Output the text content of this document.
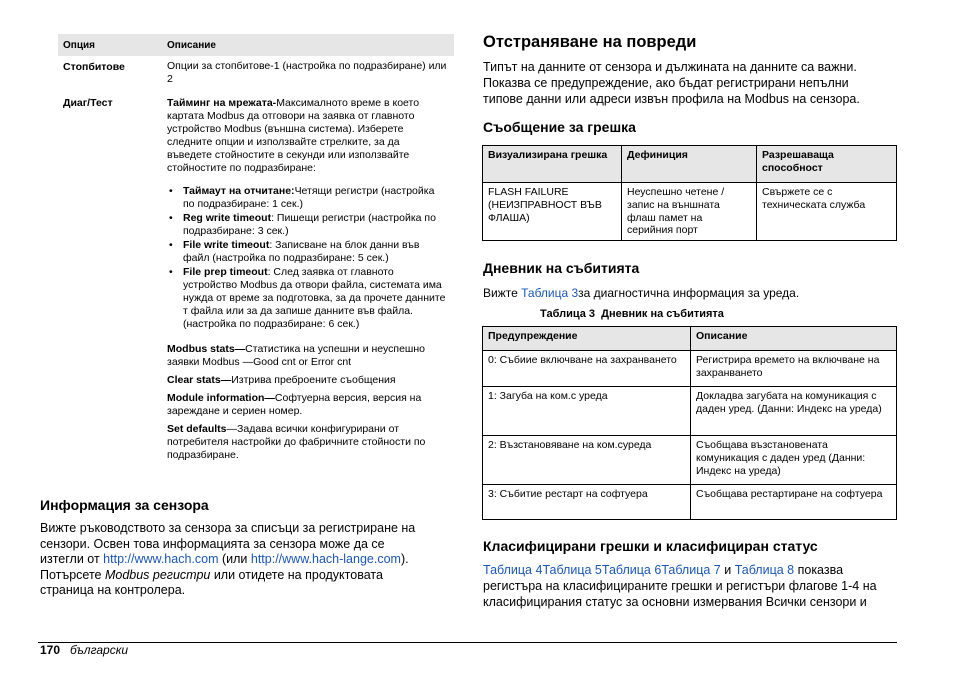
Опция	Описание
Стопбитове	Опции за стопбитове-1 (настройка по подразбиране) или 2
Диаг/Тест	Тайминг на мрежата-Максималното време в което картата Modbus да отговори на заявка от главното устройство Modbus (външна система). Изберете следните опции и използвайте стрелките, за да въведете стойностите в секунди или използвайте стойностите по подразбиране:
• Таймаут на отчитане:Четящи регистри (настройка по подразбиране: 1 сек.)
• Reg write timeout: Пишещи регистри (настройка по подразбиране: 3 сек.)
• File write timeout: Записване на блок данни във файл (настройка по подразбиране: 5 сек.)
• File prep timeout: След заявка от главното устройство Modbus да отвори файла, системата има нужда от време за подготовка, за да прочете данните т файла или за да запише данните във файла. (настройка по подразбиране: 6 сек.)
Modbus stats—Статистика на успешни и неуспешно заявки Modbus —Good cnt or Error cnt
Clear stats—Изтрива преброените съобщения
Module information—Софтуерна версия, версия на зареждане и сериен номер.
Set defaults—Задава всички конфигурирани от потребителя настройки до фабричните стойности по подразбиране.
Информация за сензора
Вижте ръководството за сензора за списъци за регистриране на сензори. Освен това информацията за сензора може да се изтегли от http://www.hach.com (или http://www.hach-lange.com). Потърсете Modbus регистри или отидете на продуктовата страница на контролера.
Отстраняване на повреди
Типът на данните от сензора и дължината на данните са важни. Показва се предупреждение, ако бъдат регистрирани непълни типове данни или адреси извън профила на Modbus на сензора.
Съобщение за грешка
Визуализирана грешка	Дефиниция	Разрешаваща способност
FLASH FAILURE (НЕИЗПРАВНОСТ ВЪВ ФЛАША)	Неуспешно четене / запис на външната флаш памет на серийния порт	Свържете се с техническата служба
Дневник на събитията
Вижте Таблица 3за диагностична информация за уреда.
Таблица 3  Дневник на събитията
Предупреждение	Описание
0: Събиие включване на захранването	Регистрира времето на включване на захранването
1: Загуба на ком.с уреда	Докладва загубата на комуникация с даден уред. (Данни: Индекс на уреда)
2: Възстановяване на ком.суреда	Съобщава възстановената комуникация с даден уред (Данни: Индекс на уреда)
3: Събитие рестарт на софтуера	Съобщава рестартиране на софтуера
Класифицирани грешки и класифициран статус
Таблица 4Таблица 5Таблица 6Таблица 7 и Таблица 8 показва регистъра на класифицираните грешки и регистъри флагове 1-4 на класифицирания статус за основни измервания Всички сензори и
170 български
